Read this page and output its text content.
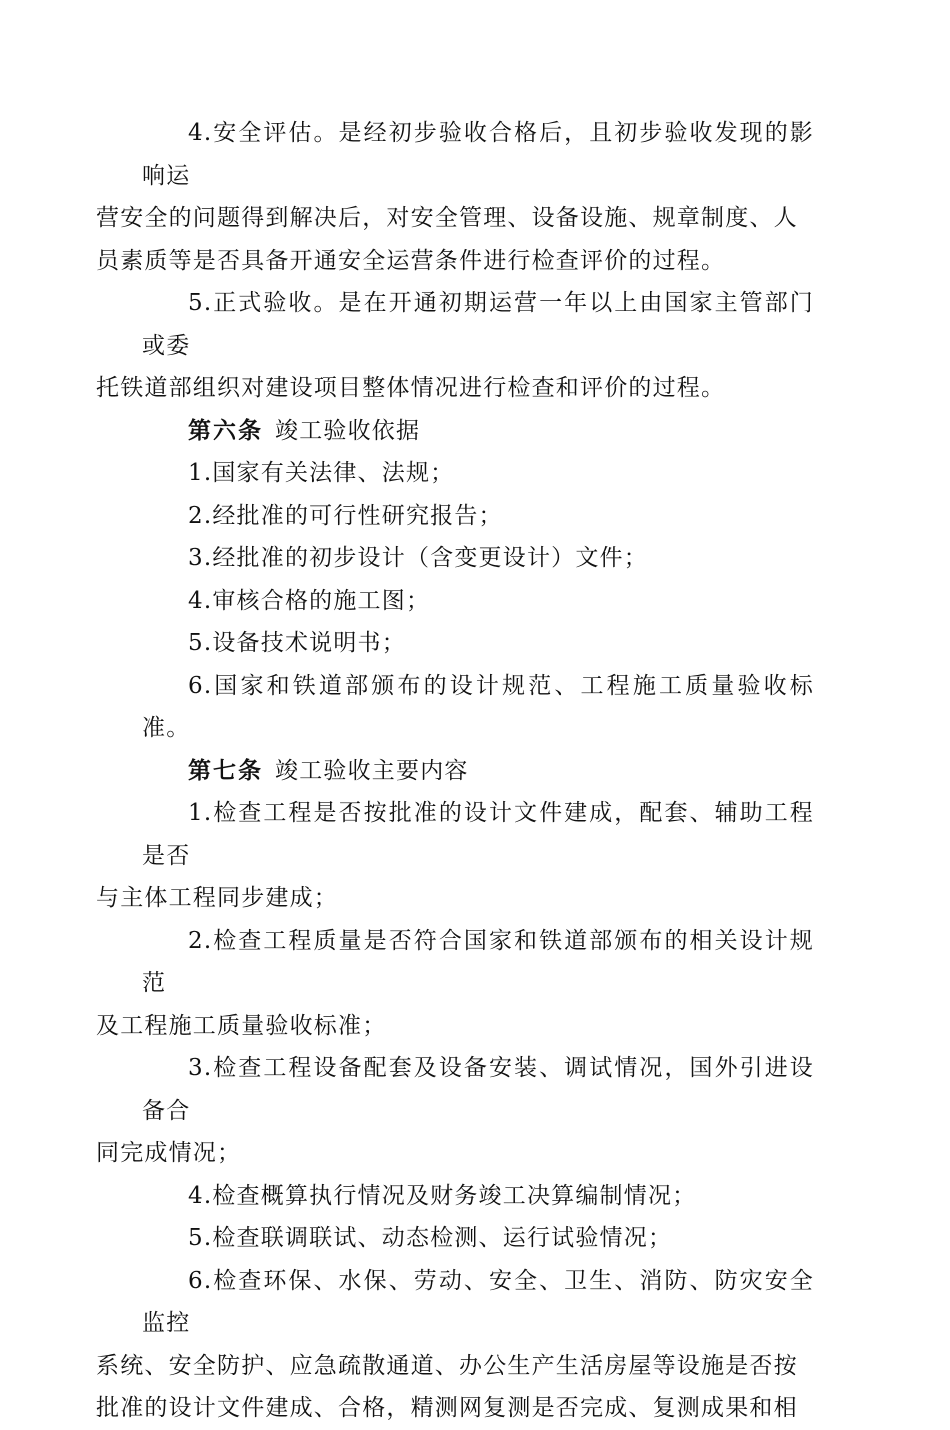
4.安全评估。是经初步验收合格后，且初步验收发现的影响运
营安全的问题得到解决后，对安全管理、设备设施、规章制度、人
员素质等是否具备开通安全运营条件进行检查评价的过程。

5.正式验收。是在开通初期运营一年以上由国家主管部门或委
托铁道部组织对建设项目整体情况进行检查和评价的过程。

第六条 竣工验收依据

1.国家有关法律、法规；

2.经批准的可行性研究报告；

3.经批准的初步设计（含变更设计）文件；

4.审核合格的施工图；

5.设备技术说明书；

6.国家和铁道部颁布的设计规范、工程施工质量验收标准。

第七条 竣工验收主要内容

1.检查工程是否按批准的设计文件建成，配套、辅助工程是否
与主体工程同步建成；

2.检查工程质量是否符合国家和铁道部颁布的相关设计规范
及工程施工质量验收标准；

3.检查工程设备配套及设备安装、调试情况，国外引进设备合
同完成情况；

4.检查概算执行情况及财务竣工决算编制情况；

5.检查联调联试、动态检测、运行试验情况；

6.检查环保、水保、劳动、安全、卫生、消防、防灾安全监控
系统、安全防护、应急疏散通道、办公生产生活房屋等设施是否按
批准的设计文件建成、合格，精测网复测是否完成、复测成果和相
